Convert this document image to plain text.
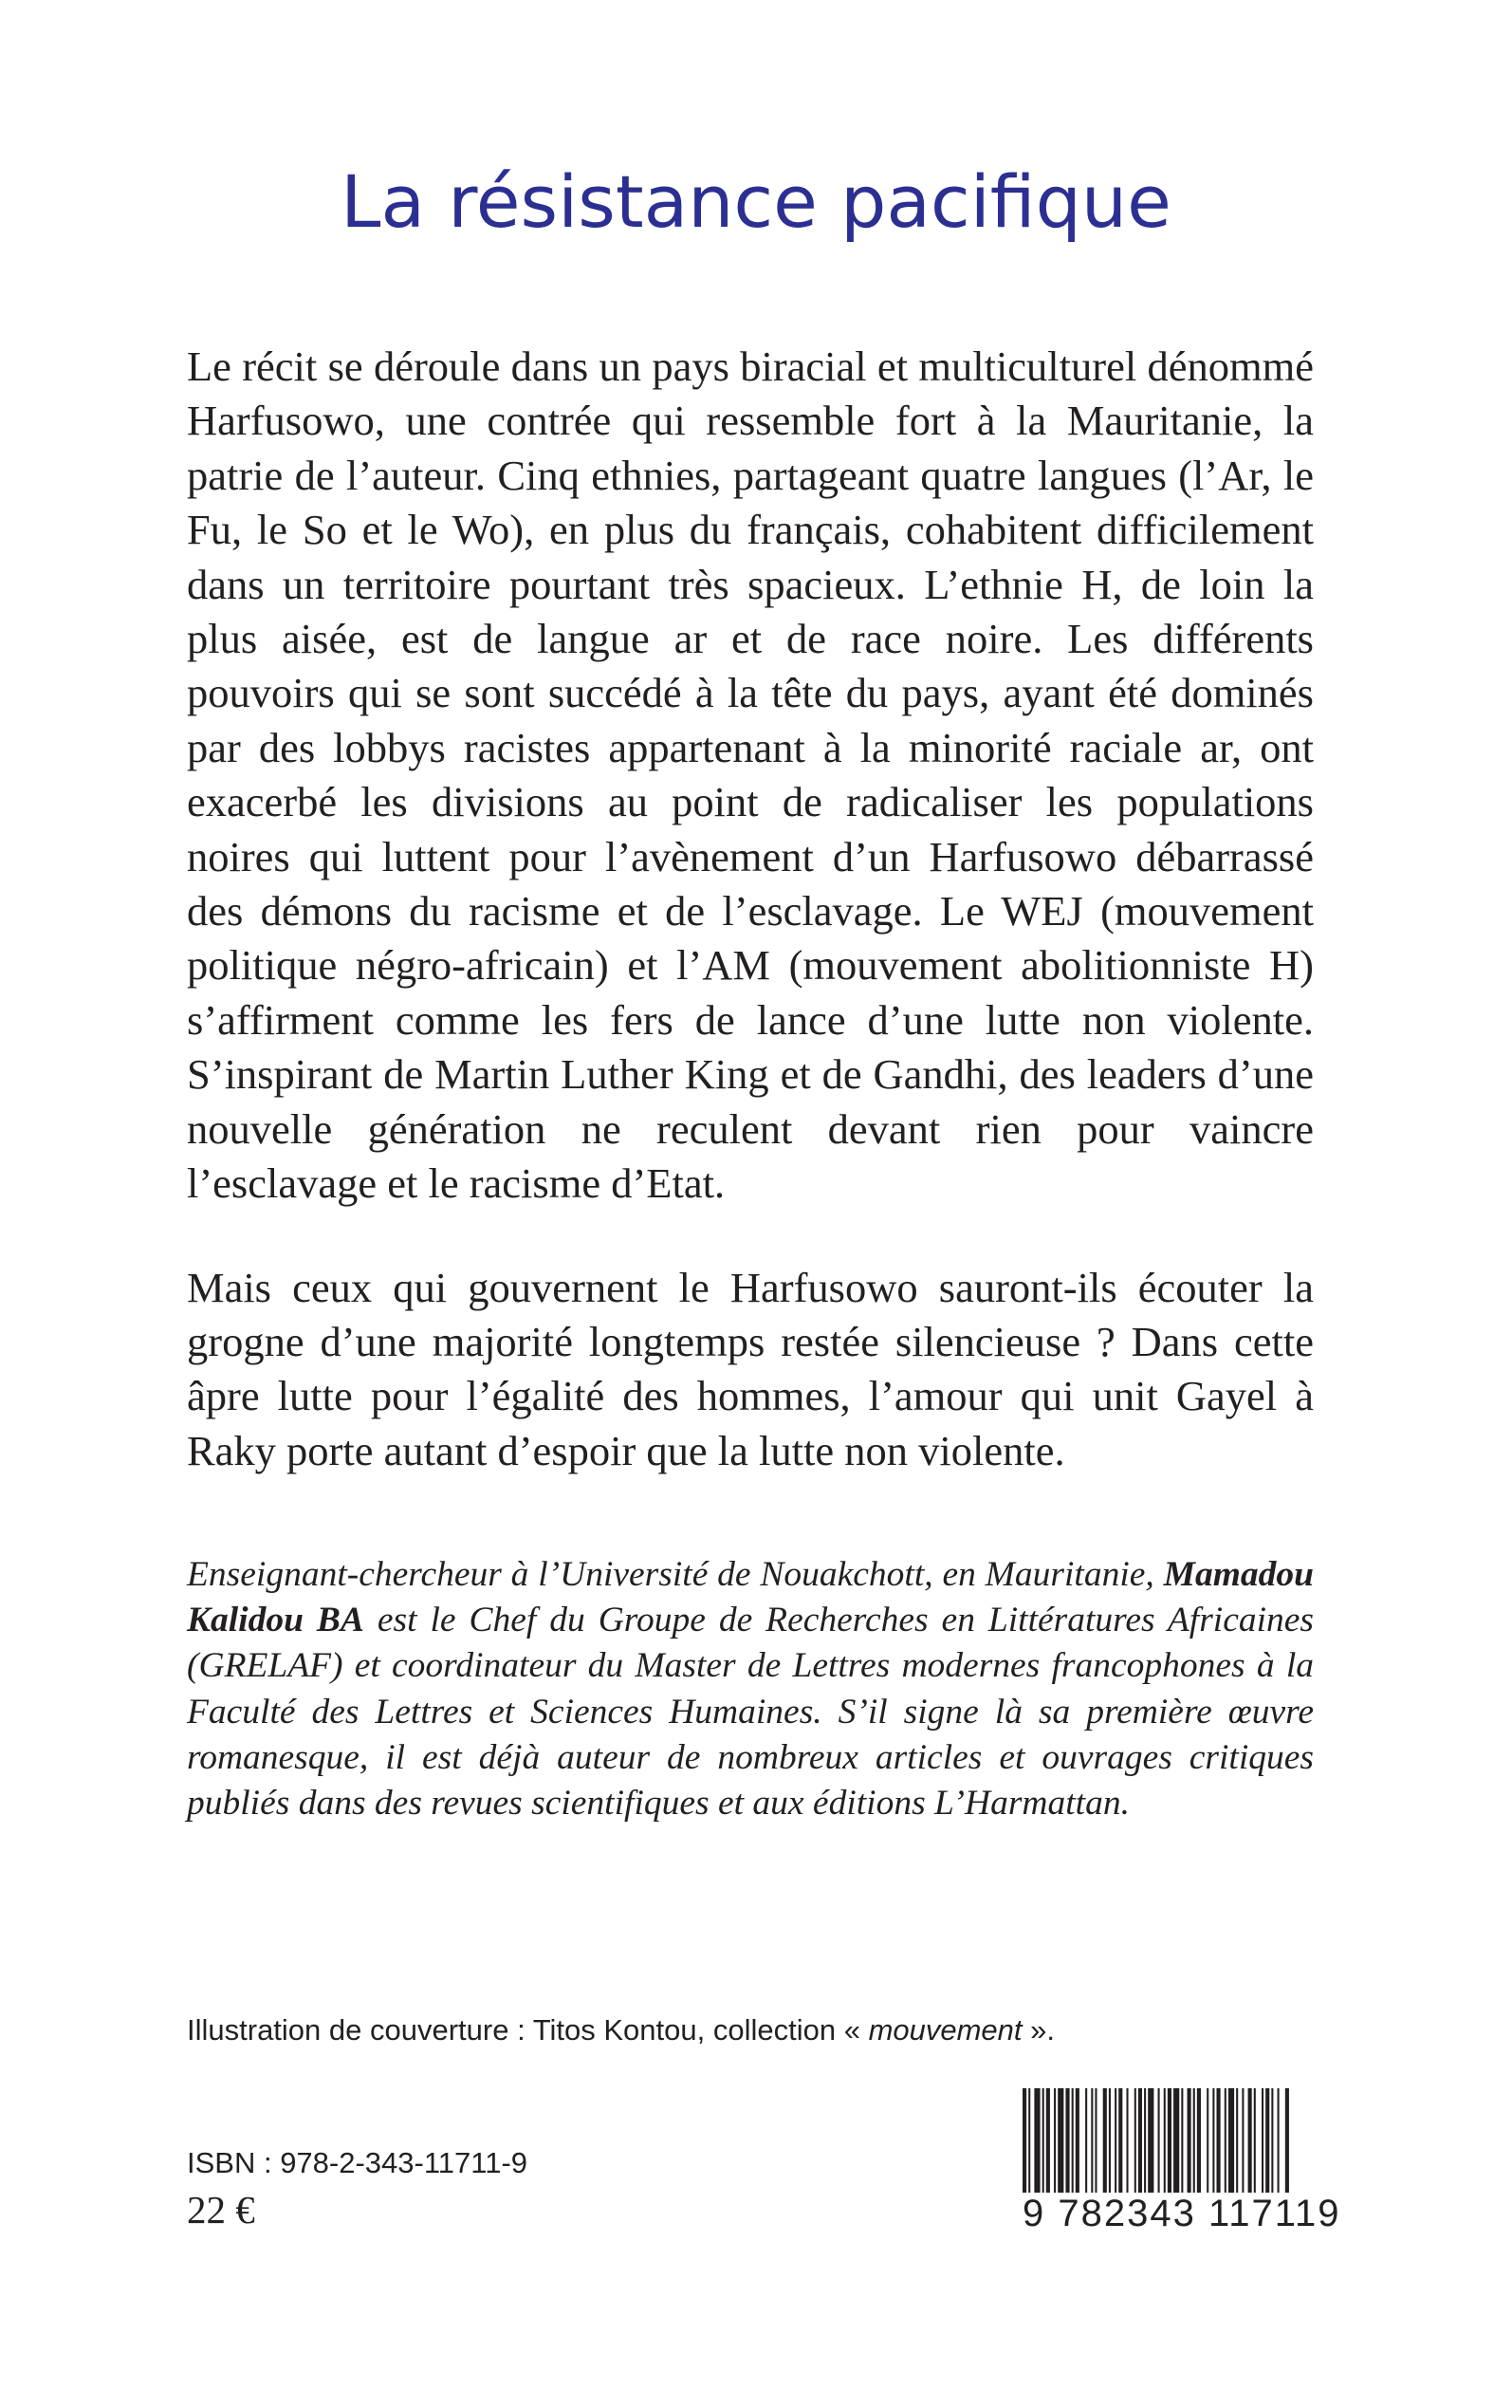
La résistance pacifique

Le récit se déroule dans un pays biracial et multiculturel dénommé Harfusowo, une contrée qui ressemble fort à la Mauritanie, la patrie de l’auteur. Cinq ethnies, partageant quatre langues (l’Ar, le Fu, le So et le Wo), en plus du français, cohabitent difficilement dans un territoire pourtant très spacieux. L’ethnie H, de loin la plus aisée, est de langue ar et de race noire. Les différents pouvoirs qui se sont succédé à la tête du pays, ayant été dominés par des lobbys racistes appartenant à la minorité raciale ar, ont exacerbé les divisions au point de radicaliser les populations noires qui luttent pour l’avènement d’un Harfusowo débarrassé des démons du racisme et de l’esclavage. Le WEJ (mouvement politique négro-africain) et l’AM (mouvement abolitionniste H) s’affirment comme les fers de lance d’une lutte non violente. S’inspirant de Martin Luther King et de Gandhi, des leaders d’une nouvelle génération ne reculent devant rien pour vaincre l’esclavage et le racisme d’Etat.

Mais ceux qui gouvernent le Harfusowo sauront-ils écouter la grogne d’une majorité longtemps restée silencieuse ? Dans cette âpre lutte pour l’égalité des hommes, l’amour qui unit Gayel à Raky porte autant d’espoir que la lutte non violente.

Enseignant-chercheur à l’Université de Nouakchott, en Mauritanie, Mamadou Kalidou BA est le Chef du Groupe de Recherches en Littératures Africaines (GRELAF) et coordinateur du Master de Lettres modernes francophones à la Faculté des Lettres et Sciences Humaines. S’il signe là sa première œuvre romanesque, il est déjà auteur de nombreux articles et ouvrages critiques publiés dans des revues scientifiques et aux éditions L’Harmattan.

Illustration de couverture : Titos Kontou, collection « mouvement ».

ISBN : 978-2-343-11711-9

22 €	9 782343 117119
